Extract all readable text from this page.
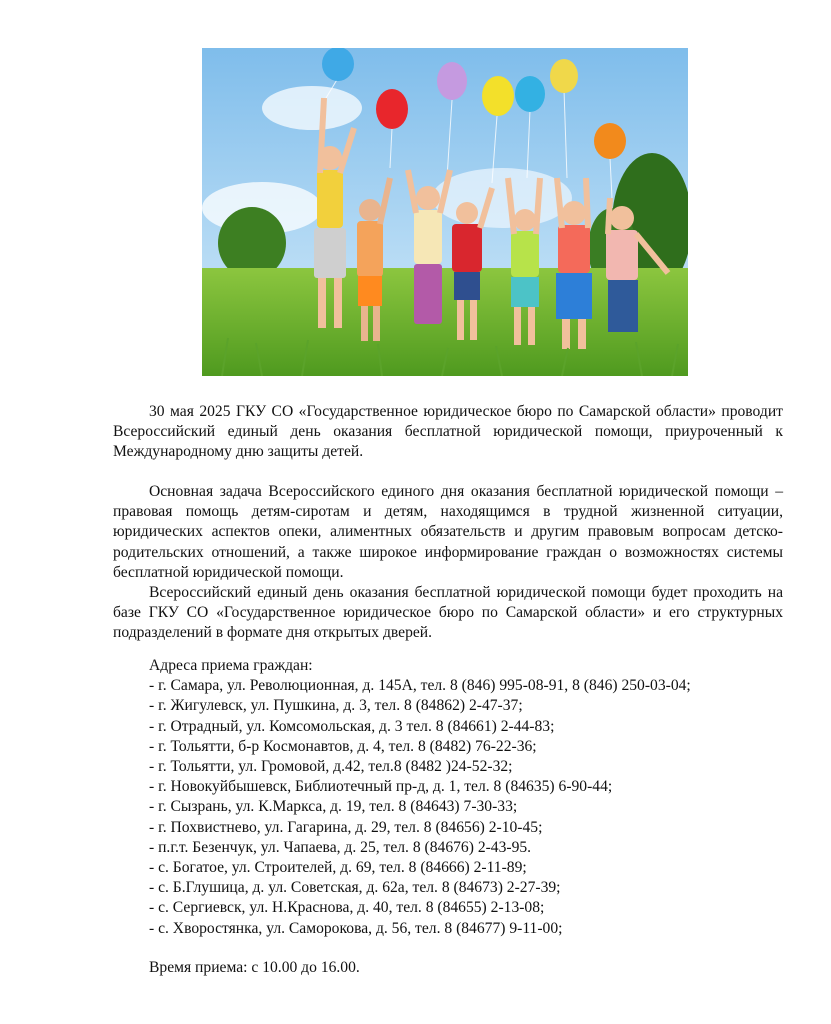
30 мая 2025 ГКУ СО «Государственное юридическое бюро по Самарской области» проводит Всероссийский единый день оказания бесплатной юридической помощи, приуроченный к Международному дню защиты детей.

Основная задача Всероссийского единого дня оказания бесплатной юридической помощи – правовая помощь детям-сиротам и детям, находящимся в трудной жизненной ситуации, юридических аспектов опеки, алиментных обязательств и другим правовым вопросам детско-родительских отношений, а также широкое информирование граждан о возможностях системы бесплатной юридической помощи.

Всероссийский единый день оказания бесплатной юридической помощи будет проходить на базе ГКУ СО «Государственное юридическое бюро по Самарской области» и его структурных подразделений в формате дня открытых дверей.

Адреса приема граждан:
- г. Самара, ул. Революционная, д. 145А, тел. 8 (846) 995-08-91, 8 (846) 250-03-04;
- г. Жигулевск, ул. Пушкина, д. 3, тел. 8 (84862) 2-47-37;
- г. Отрадный, ул. Комсомольская, д. 3 тел. 8 (84661) 2-44-83;
- г. Тольятти, б-р Космонавтов, д. 4, тел. 8 (8482) 76-22-36;
- г. Тольятти, ул. Громовой, д.42, тел.8 (8482 )24-52-32;
- г. Новокуйбышевск, Библиотечный пр-д, д. 1, тел. 8 (84635) 6-90-44;
- г. Сызрань, ул. К.Маркса, д. 19, тел. 8 (84643) 7-30-33;
- г. Похвистнево, ул. Гагарина, д. 29, тел. 8 (84656) 2-10-45;
- п.г.т. Безенчук, ул. Чапаева, д. 25, тел. 8 (84676) 2-43-95.
- с. Богатое, ул. Строителей, д. 69, тел. 8 (84666) 2-11-89;
- с. Б.Глушица, д. ул. Советская, д. 62а, тел. 8 (84673) 2-27-39;
- с. Сергиевск, ул. Н.Краснова, д. 40, тел. 8 (84655) 2-13-08;
- с. Хворостянка, ул. Саморокова, д. 56, тел. 8 (84677) 9-11-00;
Время приема: с 10.00 до 16.00.
